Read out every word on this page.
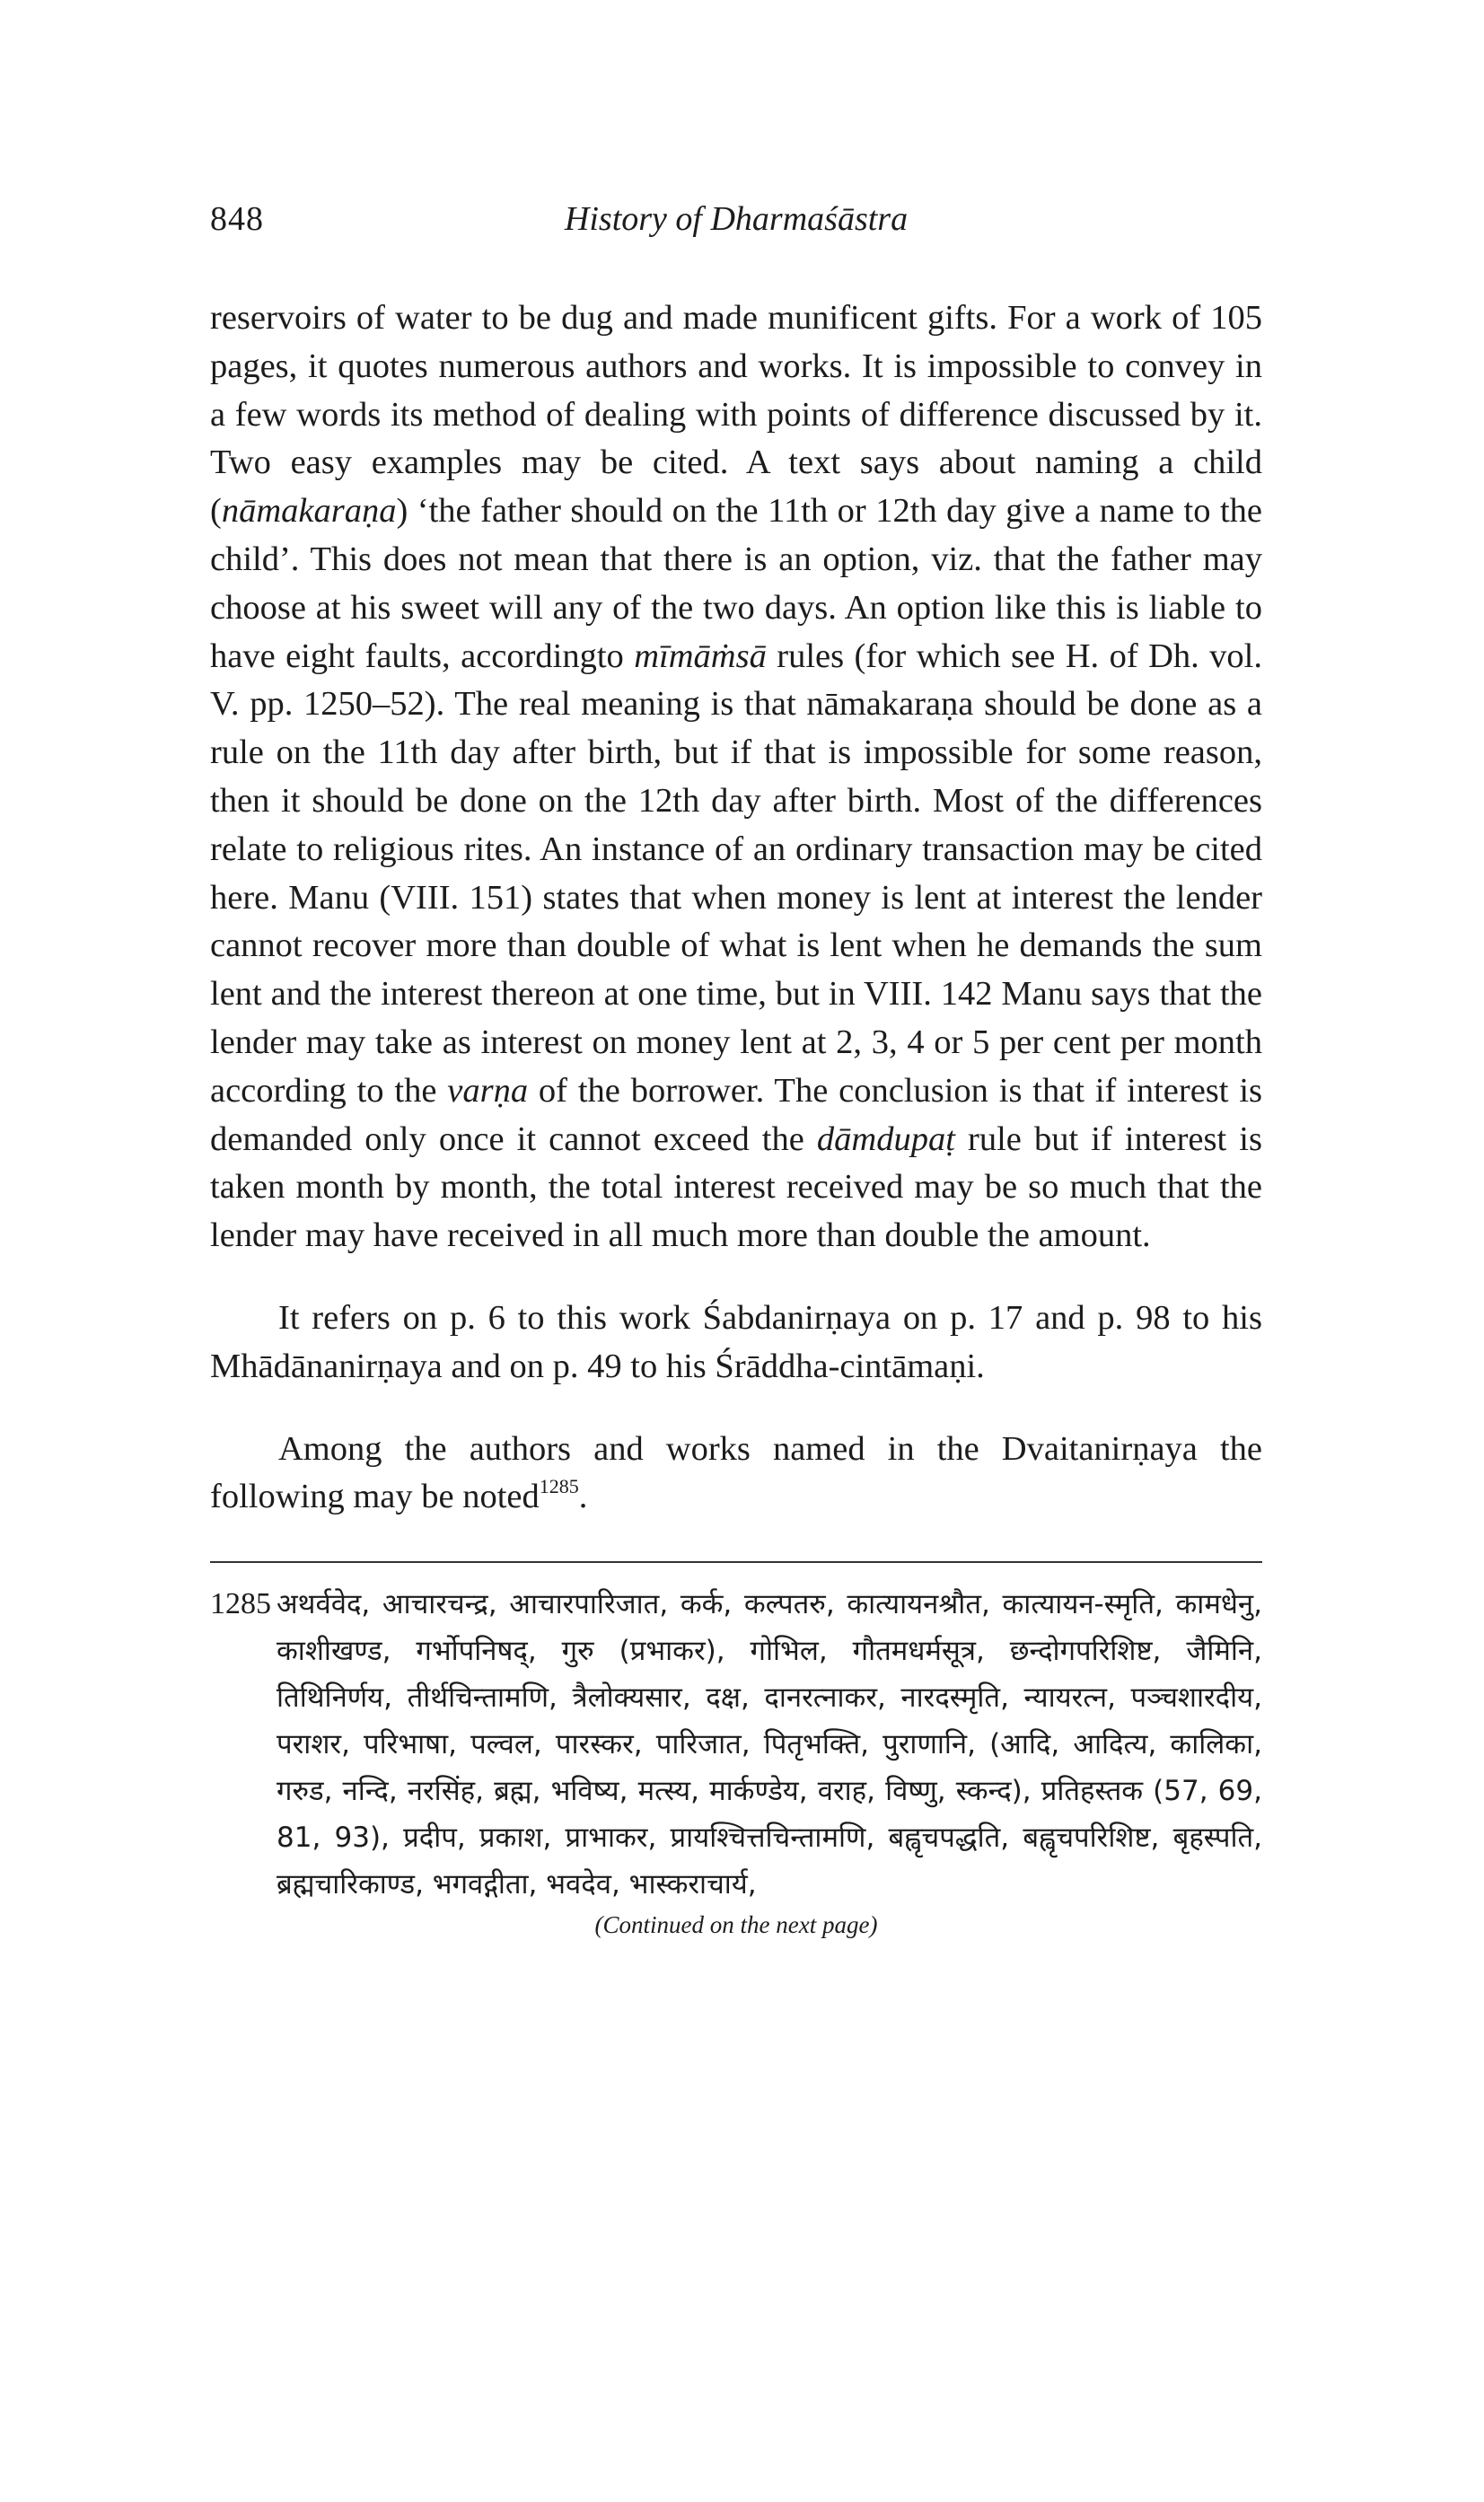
848	History of Dharmaśāstra

reservoirs of water to be dug and made munificent gifts. For a work of 105 pages, it quotes numerous authors and works. It is impossible to convey in a few words its method of dealing with points of difference discussed by it. Two easy examples may be cited. A text says about naming a child (nāmakaraṇa) ‘the father should on the 11th or 12th day give a name to the child’. This does not mean that there is an option, viz. that the father may choose at his sweet will any of the two days. An option like this is liable to have eight faults, accordingto mīmāṁsā rules (for which see H. of Dh. vol. V. pp. 1250–52). The real meaning is that nāmakaraṇa should be done as a rule on the 11th day after birth, but if that is impossible for some reason, then it should be done on the 12th day after birth. Most of the differences relate to religious rites. An instance of an ordinary transaction may be cited here. Manu (VIII. 151) states that when money is lent at interest the lender cannot recover more than double of what is lent when he demands the sum lent and the interest thereon at one time, but in VIII. 142 Manu says that the lender may take as interest on money lent at 2, 3, 4 or 5 per cent per month according to the varṇa of the borrower. The conclusion is that if interest is demanded only once it cannot exceed the dāmdupaṭ rule but if interest is taken month by month, the total interest received may be so much that the lender may have received in all much more than double the amount.

It refers on p. 6 to this work Śabdanirṇaya on p. 17 and p. 98 to his Mhādānanirṇaya and on p. 49 to his Śrāddha-cintāmaṇi.

Among the authors and works named in the Dvaitanirṇaya the following may be noted$^{1285}$.

1285 अथर्ववेद, आचारचन्द्र, आचारपारिजात, कर्क, कल्पतरु, कात्यायनश्रौत, कात्यायन-स्मृति, कामधेनु, काशीखण्ड, गर्भोपनिषद्, गुरु (प्रभाकर), गोभिल, गौतमधर्मसूत्र, छन्दोगपरिशिष्ट, जैमिनि, तिथिनिर्णय, तीर्थचिन्तामणि, त्रैलोक्यसार, दक्ष, दानरत्नाकर, नारदस्मृति, न्यायरत्न, पञ्चशारदीय, पराशर, परिभाषा, पल्वल, पारस्कर, पारिजात, पितृभक्ति, पुराणानि, (आदि, आदित्य, कालिका, गरुड, नन्दि, नरसिंह, ब्रह्म, भविष्य, मत्स्य, मार्कण्डेय, वराह, विष्णु, स्कन्द), प्रतिहस्तक (57, 69, 81, 93), प्रदीप, प्रकाश, प्राभाकर, प्रायश्चित्तचिन्तामणि, बह्वृचपद्धति, बह्वृचपरिशिष्ट, बृहस्पति, ब्रह्मचारिकाण्ड, भगवद्गीता, भवदेव, भास्कराचार्य,
(Continued on the next page)
